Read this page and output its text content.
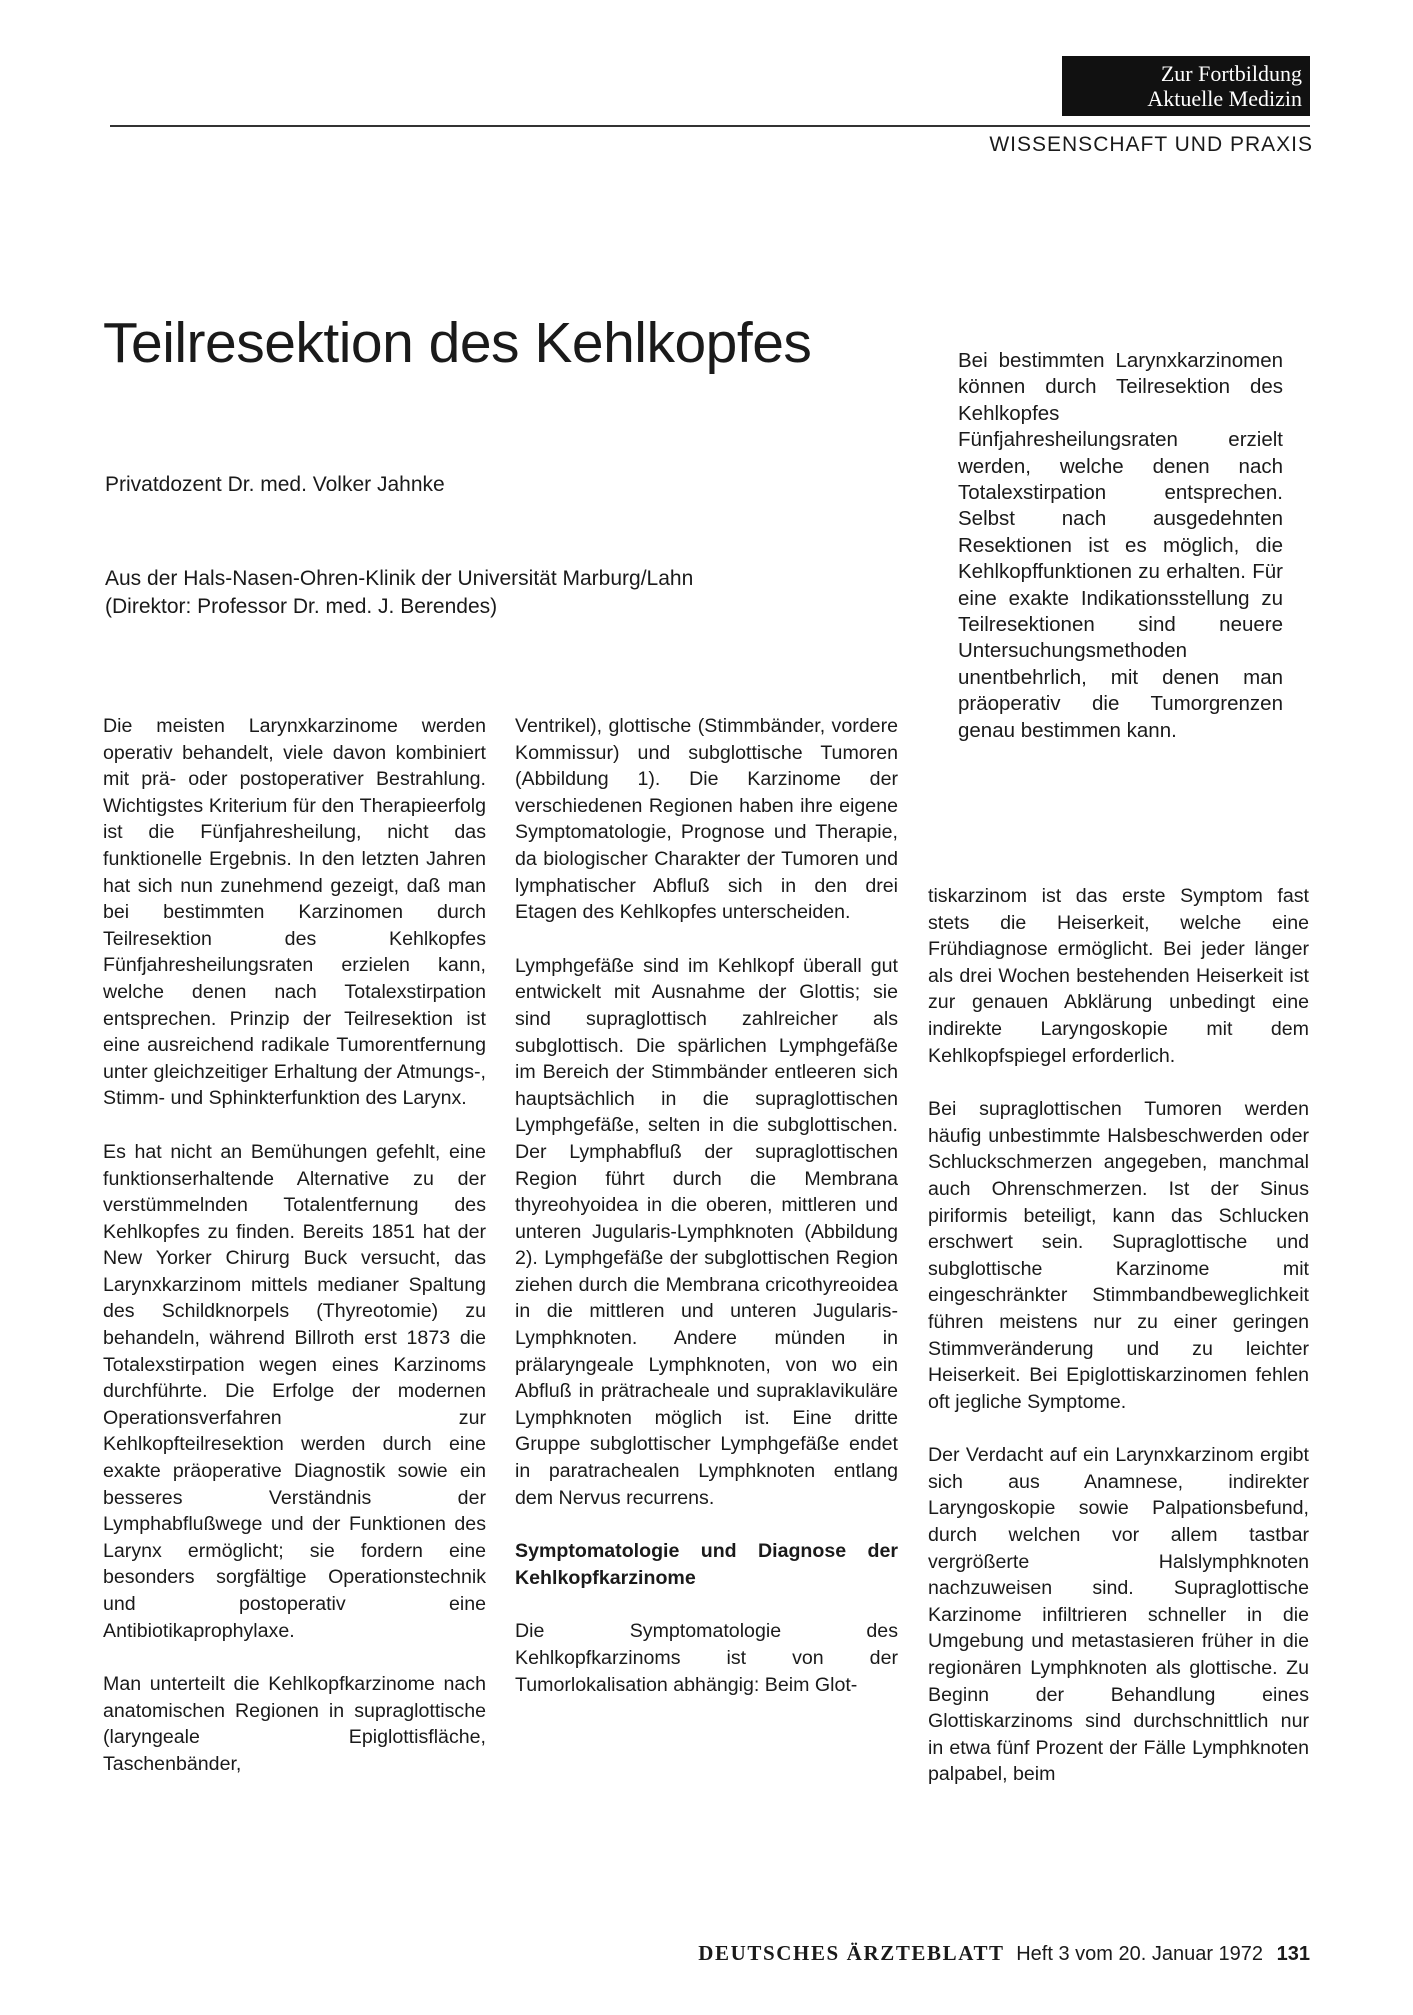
Zur Fortbildung
Aktuelle Medizin
WISSENSCHAFT UND PRAXIS
Teilresektion des Kehlkopfes
Privatdozent Dr. med. Volker Jahnke
Aus der Hals-Nasen-Ohren-Klinik der Universität Marburg/Lahn
(Direktor: Professor Dr. med. J. Berendes)
Bei bestimmten Larynxkarzinomen können durch Teilresektion des Kehlkopfes Fünfjahresheilungsraten erzielt werden, welche denen nach Totalexstirpation entsprechen. Selbst nach ausgedehnten Resektionen ist es möglich, die Kehlkopffunktionen zu erhalten. Für eine exakte Indikationsstellung zu Teilresektionen sind neuere Untersuchungsmethoden unentbehrlich, mit denen man präoperativ die Tumorgrenzen genau bestimmen kann.

Die meisten Larynxkarzinome werden operativ behandelt, viele davon kombiniert mit prä- oder postoperativer Bestrahlung. Wichtigstes Kriterium für den Therapieerfolg ist die Fünfjahresheilung, nicht das funktionelle Ergebnis. In den letzten Jahren hat sich nun zunehmend gezeigt, daß man bei bestimmten Karzinomen durch Teilresektion des Kehlkopfes Fünfjahresheilungsraten erzielen kann, welche denen nach Totalexstirpation entsprechen. Prinzip der Teilresektion ist eine ausreichend radikale Tumorentfernung unter gleichzeitiger Erhaltung der Atmungs-, Stimm- und Sphinkterfunktion des Larynx.

Es hat nicht an Bemühungen gefehlt, eine funktionserhaltende Alternative zu der verstümmelnden Totalentfernung des Kehlkopfes zu finden. Bereits 1851 hat der New Yorker Chirurg Buck versucht, das Larynxkarzinom mittels medianer Spaltung des Schildknorpels (Thyreotomie) zu behandeln, während Billroth erst 1873 die Totalexstirpation wegen eines Karzinoms durchführte. Die Erfolge der modernen Operationsverfahren zur Kehlkopfteilresektion werden durch eine exakte präoperative Diagnostik sowie ein besseres Verständnis der Lymphabflußwege und der Funktionen des Larynx ermöglicht; sie fordern eine besonders sorgfältige Operationstechnik und postoperativ eine Antibiotikaprophylaxe.

Man unterteilt die Kehlkopfkarzinome nach anatomischen Regionen in supraglottische (laryngeale Epiglottisfläche, Taschenbänder,

Ventrikel), glottische (Stimmbänder, vordere Kommissur) und subglottische Tumoren (Abbildung 1). Die Karzinome der verschiedenen Regionen haben ihre eigene Symptomatologie, Prognose und Therapie, da biologischer Charakter der Tumoren und lymphatischer Abfluß sich in den drei Etagen des Kehlkopfes unterscheiden.

Lymphgefäße sind im Kehlkopf überall gut entwickelt mit Ausnahme der Glottis; sie sind supraglottisch zahlreicher als subglottisch. Die spärlichen Lymphgefäße im Bereich der Stimmbänder entleeren sich hauptsächlich in die supraglottischen Lymphgefäße, selten in die subglottischen. Der Lymphabfluß der supraglottischen Region führt durch die Membrana thyreohyoidea in die oberen, mittleren und unteren Jugularis-Lymphknoten (Abbildung 2). Lymphgefäße der subglottischen Region ziehen durch die Membrana cricothyreoidea in die mittleren und unteren Jugularis-Lymphknoten. Andere münden in prälaryngeale Lymphknoten, von wo ein Abfluß in prätracheale und supraklavikuläre Lymphknoten möglich ist. Eine dritte Gruppe subglottischer Lymphgefäße endet in paratrachealen Lymphknoten entlang dem Nervus recurrens.

Symptomatologie und Diagnose der Kehlkopfkarzinome

Die Symptomatologie des Kehlkopfkarzinoms ist von der Tumorlokalisation abhängig: Beim Glot-

tiskarzinom ist das erste Symptom fast stets die Heiserkeit, welche eine Frühdiagnose ermöglicht. Bei jeder länger als drei Wochen bestehenden Heiserkeit ist zur genauen Abklärung unbedingt eine indirekte Laryngoskopie mit dem Kehlkopfspiegel erforderlich.

Bei supraglottischen Tumoren werden häufig unbestimmte Halsbeschwerden oder Schluckschmerzen angegeben, manchmal auch Ohrenschmerzen. Ist der Sinus piriformis beteiligt, kann das Schlucken erschwert sein. Supraglottische und subglottische Karzinome mit eingeschränkter Stimmbandbeweglichkeit führen meistens nur zu einer geringen Stimmveränderung und zu leichter Heiserkeit. Bei Epiglottiskarzinomen fehlen oft jegliche Symptome.

Der Verdacht auf ein Larynxkarzinom ergibt sich aus Anamnese, indirekter Laryngoskopie sowie Palpationsbefund, durch welchen vor allem tastbar vergrößerte Halslymphknoten nachzuweisen sind. Supraglottische Karzinome infiltrieren schneller in die Umgebung und metastasieren früher in die regionären Lymphknoten als glottische. Zu Beginn der Behandlung eines Glottiskarzinoms sind durchschnittlich nur in etwa fünf Prozent der Fälle Lymphknoten palpabel, beim

DEUTSCHES ÄRZTEBLATT Heft 3 vom 20. Januar 1972 131
